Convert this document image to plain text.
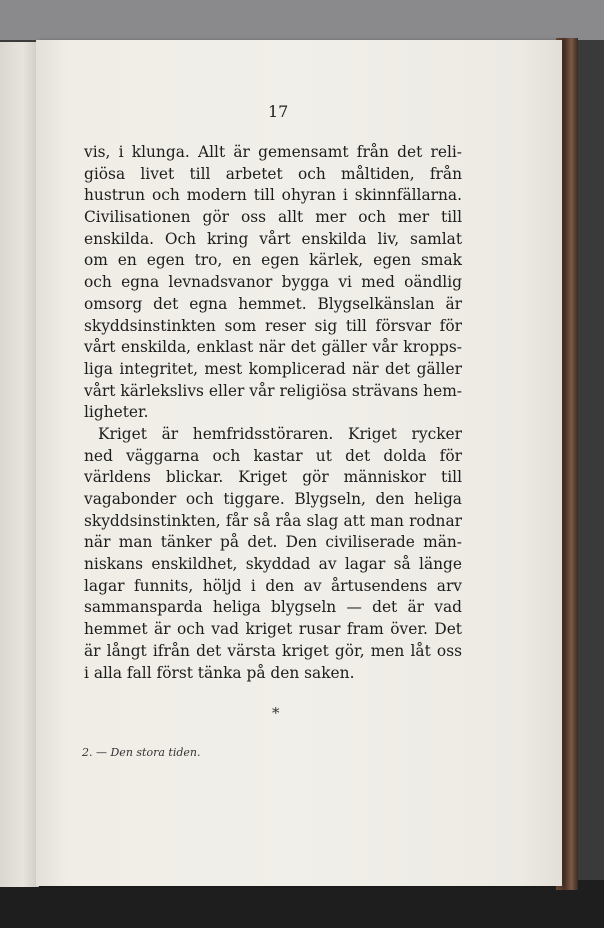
17

vis, i klunga. Allt är gemensamt från det reli-
giösa livet till arbetet och måltiden, från
hustrun och modern till ohyran i skinnfällarna.
Civilisationen gör oss allt mer och mer till
enskilda. Och kring vårt enskilda liv, samlat
om en egen tro, en egen kärlek, egen smak
och egna levnadsvanor bygga vi med oändlig
omsorg det egna hemmet. Blygselkänslan är
skyddsinstinkten som reser sig till försvar för
vårt enskilda, enklast när det gäller vår kropps-
liga integritet, mest komplicerad när det gäller
vårt kärlekslivs eller vår religiösa strävans hem-
ligheter.
Kriget är hemfridsstöraren. Kriget rycker
ned väggarna och kastar ut det dolda för
världens blickar. Kriget gör människor till
vagabonder och tiggare. Blygseln, den heliga
skyddsinstinkten, får så råa slag att man rodnar
när man tänker på det. Den civiliserade män-
niskans enskildhet, skyddad av lagar så länge
lagar funnits, höljd i den av årtusendens arv
sammansparda heliga blygseln — det är vad
hemmet är och vad kriget rusar fram över. Det
är långt ifrån det värsta kriget gör, men låt oss
i alla fall först tänka på den saken.

*

2. — Den stora tiden.
